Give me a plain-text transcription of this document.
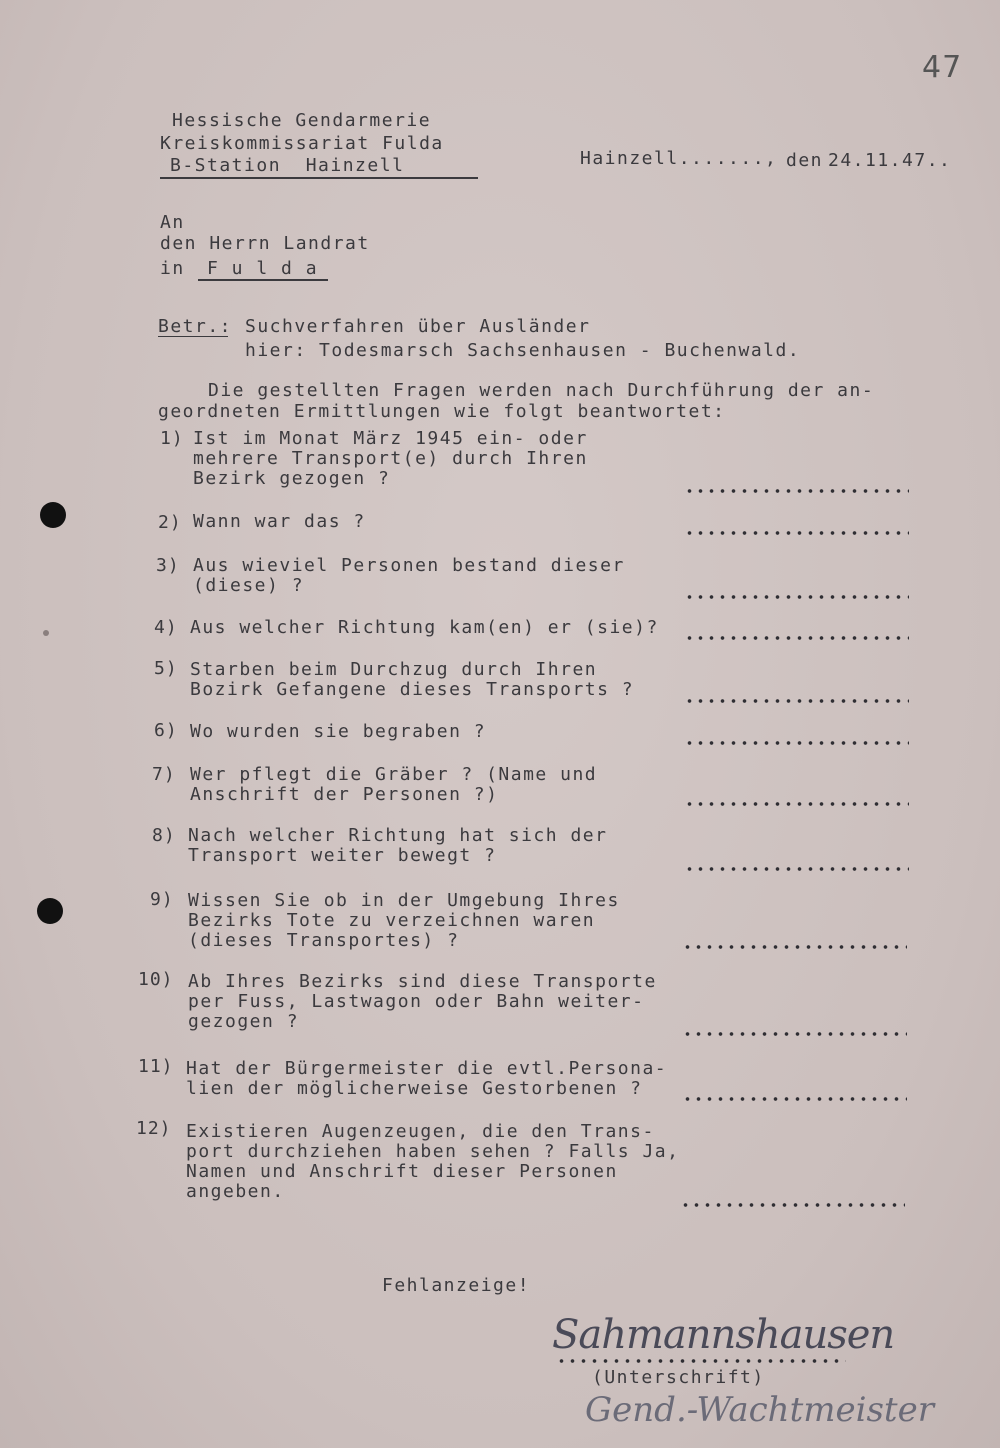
47
Hessische Gendarmerie
Kreiskommissariat Fulda
B-Station  Hainzell	Hainzell......., den 24.11.47..
An
den Herrn Landrat
in F u l d a
Betr.: Suchverfahren über Ausländer
hier: Todesmarsch Sachsenhausen - Buchenwald.
Die gestellten Fragen werden nach Durchführung der an-
geordneten Ermittlungen wie folgt beantwortet:
1) Ist im Monat März 1945 ein- oder
mehrere Transport(e) durch Ihren
Bezirk gezogen ?
2) Wann war das ?
3) Aus wieviel Personen bestand dieser
(diese) ?
4) Aus welcher Richtung kam(en) er (sie)?
5) Starben beim Durchzug durch Ihren
Bozirk Gefangene dieses Transports ?
6) Wo wurden sie begraben ?
7) Wer pflegt die Gräber ? (Name und
Anschrift der Personen ?)
8) Nach welcher Richtung hat sich der
Transport weiter bewegt ?
9) Wissen Sie ob in der Umgebung Ihres
Bezirks Tote zu verzeichnen waren
(dieses Transportes) ?
10) Ab Ihres Bezirks sind diese Transporte
per Fuss, Lastwagon oder Bahn weiter-
gezogen ?
11) Hat der Bürgermeister die evtl.Persona-
lien der möglicherweise Gestorbenen ?
12) Existieren Augenzeugen, die den Trans-
port durchziehen haben sehen ? Falls Ja,
Namen und Anschrift dieser Personen
angeben.
Fehlanzeige!
Sahmannshausen
(Unterschrift)
Gend.-Wachtmeister
